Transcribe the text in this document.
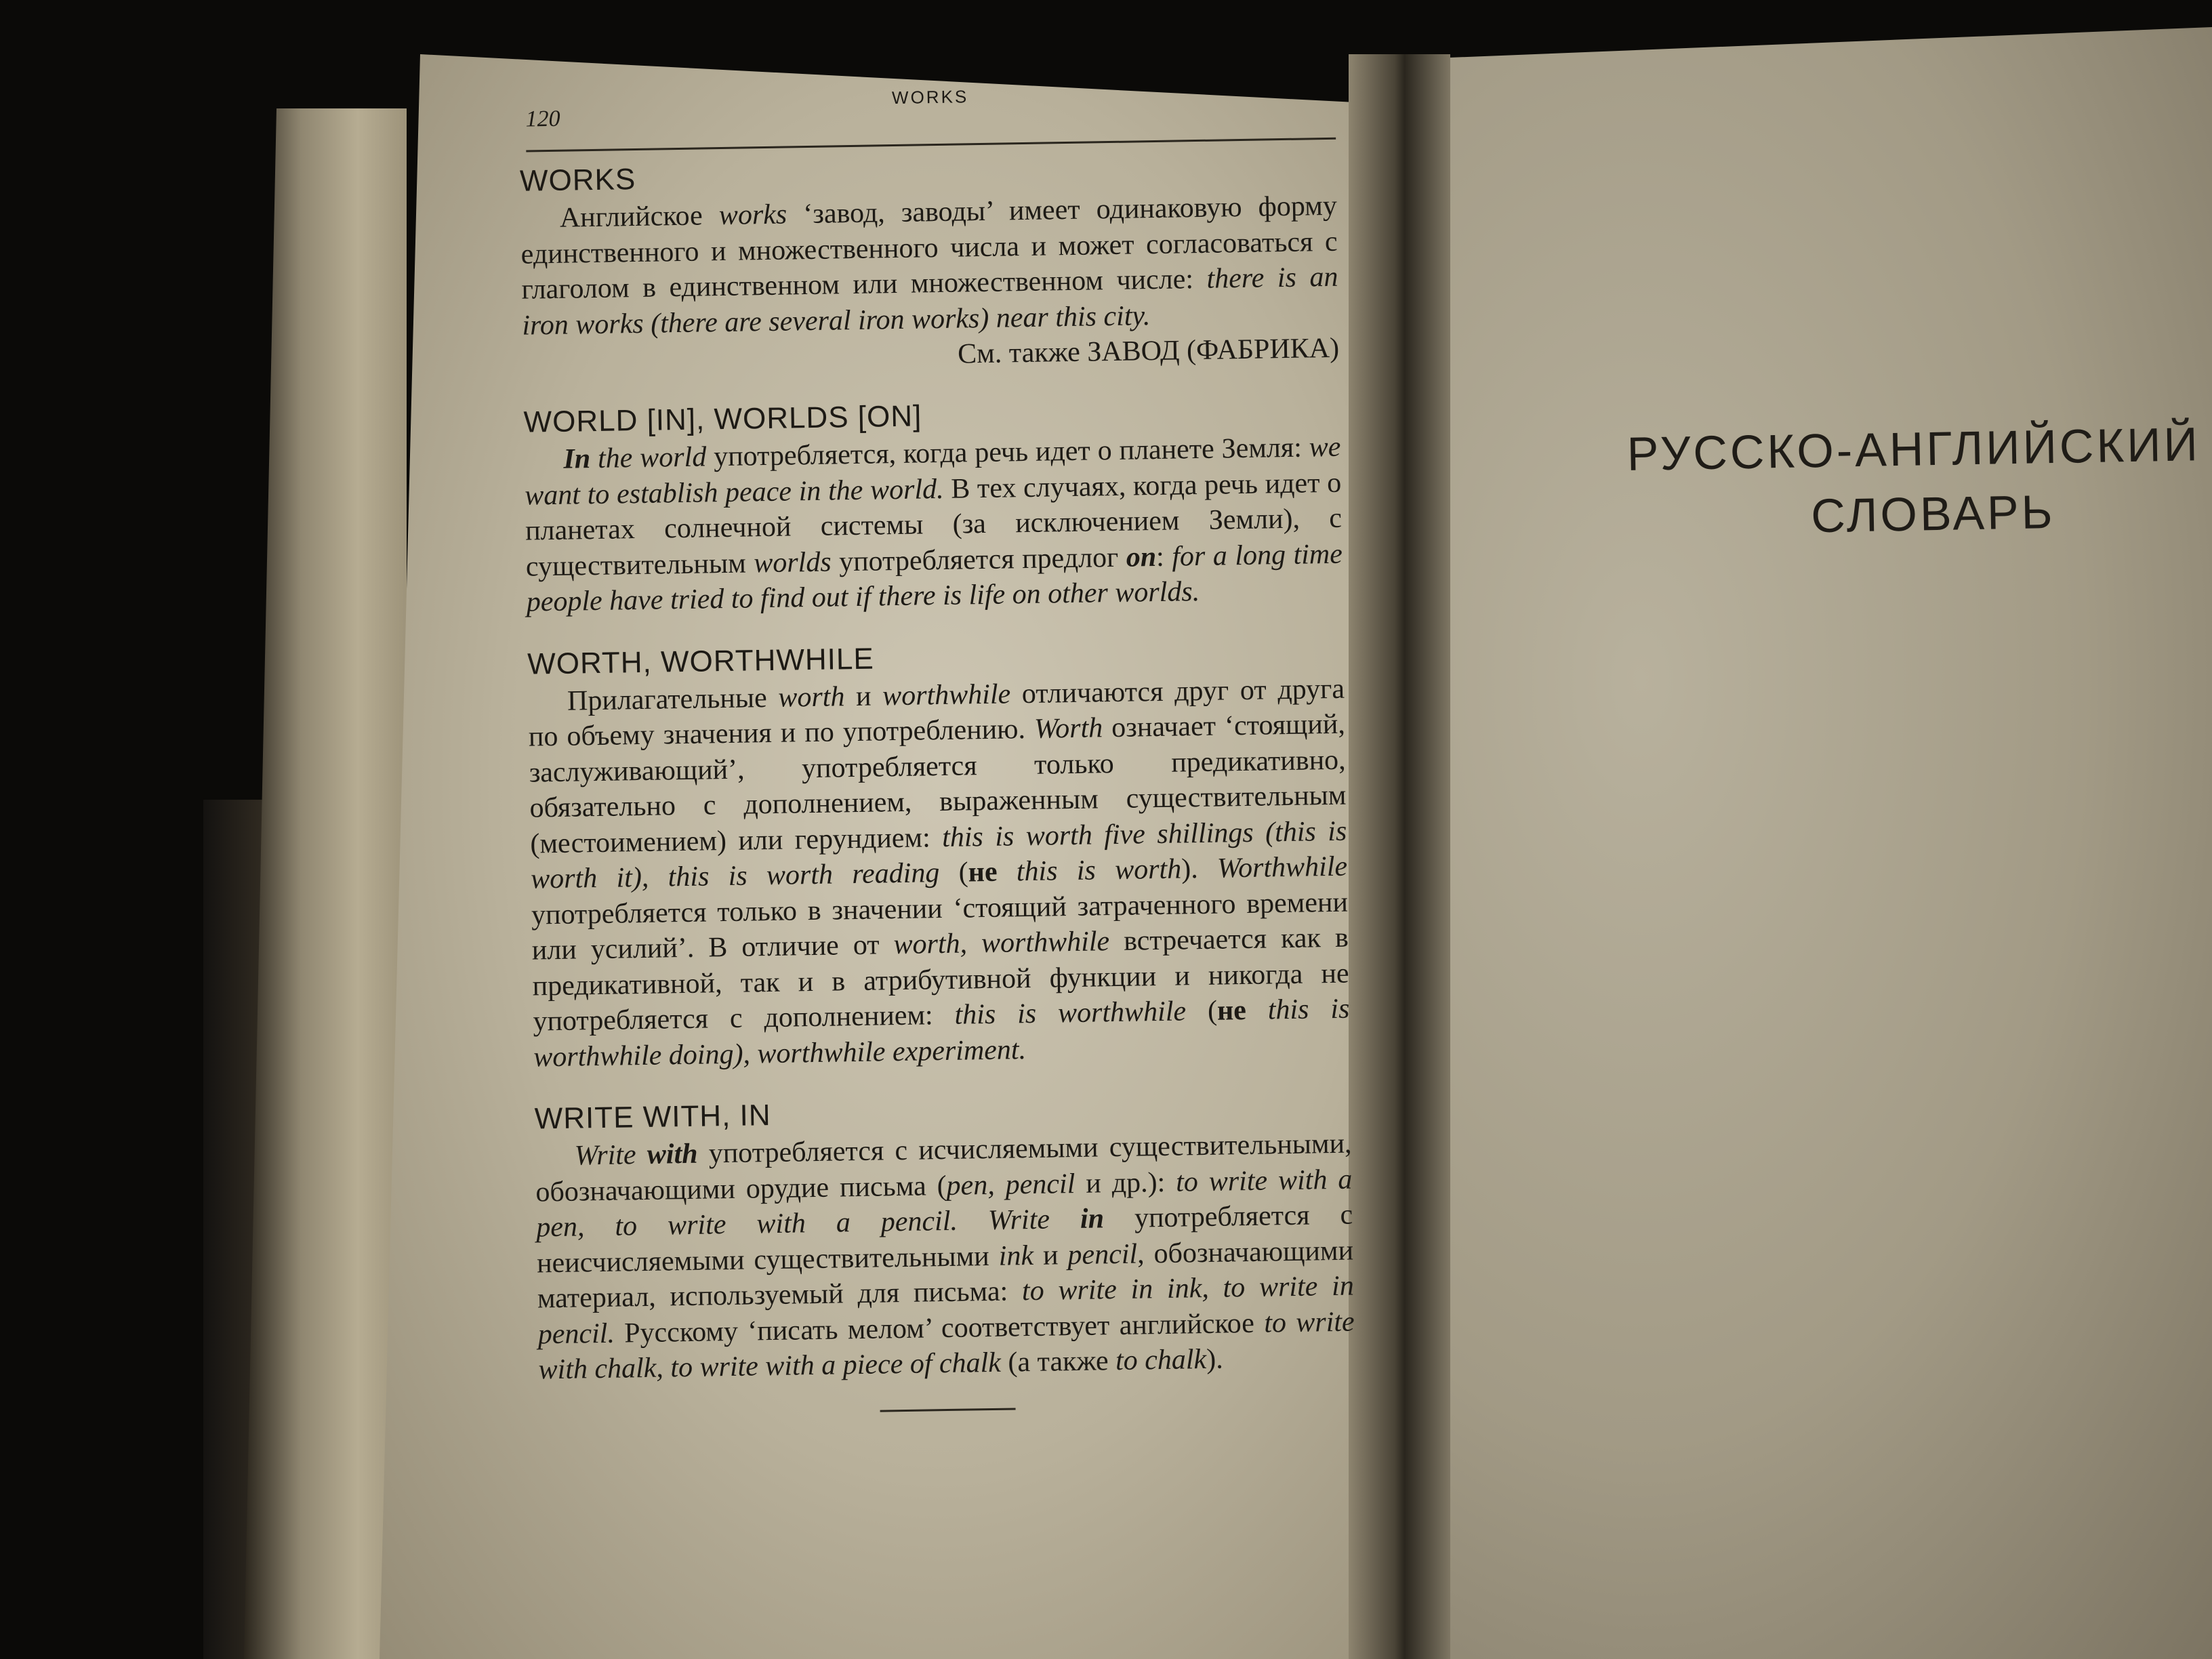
120
WORKS
WORKS

Английское works ‘завод, заводы’ имеет одинаковую форму единственного и множественного числа и может согласоваться с глаголом в единственном или множественном числе: there is an iron works (there are several iron works) near this city.

См. также ЗАВОД (ФАБРИКА)

WORLD [IN], WORLDS [ON]

In the world употребляется, когда речь идет о планете Земля: we want to establish peace in the world. В тех случаях, когда речь идет о планетах солнечной системы (за исключением Земли), с существительным worlds употребляется предлог on: for a long time people have tried to find out if there is life on other worlds.

WORTH, WORTHWHILE

Прилагательные worth и worthwhile отличаются друг от друга по объему значения и по употреблению. Worth означает ‘стоящий, заслуживающий’, употребляется только предикативно, обязательно с дополнением, выраженным существительным (местоимением) или герундием: this is worth five shillings (this is worth it), this is worth reading (не this is worth). Worthwhile употребляется только в значении ‘стоящий затраченного времени или усилий’. В отличие от worth, worthwhile встречается как в предикативной, так и в атрибутивной функции и никогда не употребляется с дополнением: this is worthwhile (не this is worthwhile doing), worthwhile experiment.

WRITE WITH, IN

Write with употребляется с исчисляемыми существительными, обозначающими орудие письма (pen, pencil и др.): to write with a pen, to write with a pencil. Write in употребляется с неисчисляемыми существительными ink и pencil, обозначающими материал, используемый для письма: to write in ink, to write in pencil. Русскому ‘писать мелом’ соответствует английское to write with chalk, to write with a piece of chalk (а также to chalk).

РУССКО-АНГЛИЙСКИЙ
СЛОВАРЬ
